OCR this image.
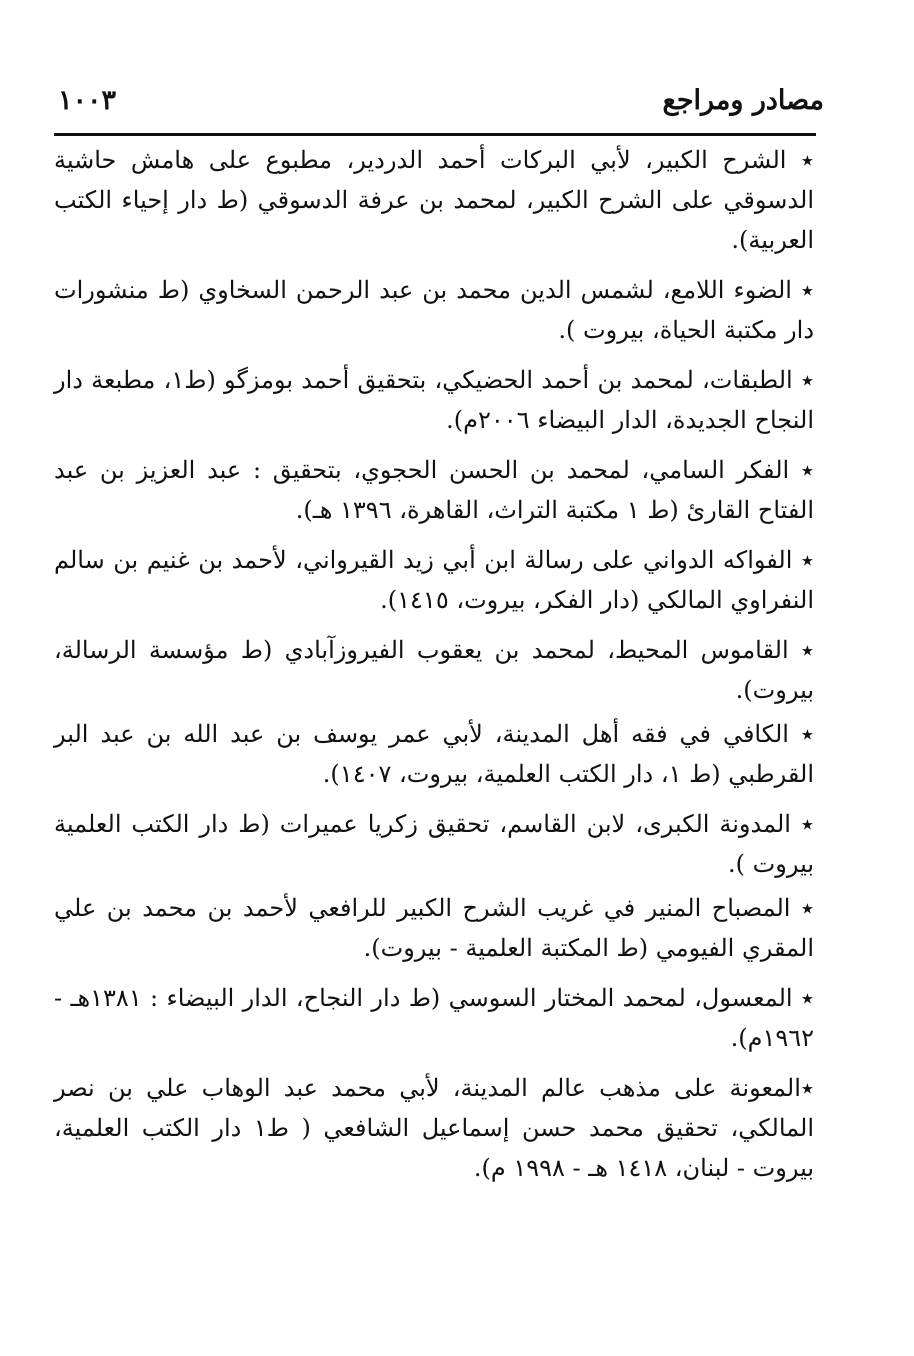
مصادر ومراجع
١٠٠٣

٭ الشرح الكبير، لأبي البركات أحمد الدردير، مطبوع على هامش حاشية الدسوقي على الشرح الكبير، لمحمد بن عرفة الدسوقي (ط دار إحياء الكتب العربية).

٭ الضوء اللامع، لشمس الدين محمد بن عبد الرحمن السخاوي (ط منشورات دار مكتبة الحياة، بيروت ).

٭ الطبقات، لمحمد بن أحمد الحضيكي، بتحقيق أحمد بومزگو (ط١، مطبعة دار النجاح الجديدة، الدار البيضاء ٢٠٠٦م).

٭ الفكر السامي، لمحمد بن الحسن الحجوي، بتحقيق : عبد العزيز بن عبد الفتاح القارئ (ط ١ مكتبة التراث، القاهرة، ١٣٩٦ هـ).

٭ الفواكه الدواني على رسالة ابن أبي زيد القيرواني، لأحمد بن غنيم بن سالم النفراوي المالكي (دار الفكر، بيروت، ١٤١٥).

٭ القاموس المحيط، لمحمد بن يعقوب الفيروزآبادي (ط مؤسسة الرسالة، بيروت).

٭ الكافي في فقه أهل المدينة، لأبي عمر يوسف بن عبد الله بن عبد البر القرطبي (ط ١، دار الكتب العلمية، بيروت، ١٤٠٧).

٭ المدونة الكبرى، لابن القاسم، تحقيق زكريا عميرات (ط دار الكتب العلمية بيروت ).

٭ المصباح المنير في غريب الشرح الكبير للرافعي لأحمد بن محمد بن علي المقري الفيومي (ط المكتبة العلمية - بيروت).

٭ المعسول، لمحمد المختار السوسي (ط دار النجاح، الدار البيضاء : ١٣٨١هـ - ١٩٦٢م).

٭المعونة على مذهب عالم المدينة، لأبي محمد عبد الوهاب علي بن نصر المالكي، تحقيق محمد حسن إسماعيل الشافعي ( ط١ دار الكتب العلمية، بيروت - لبنان، ١٤١٨ هـ - ١٩٩٨ م).
